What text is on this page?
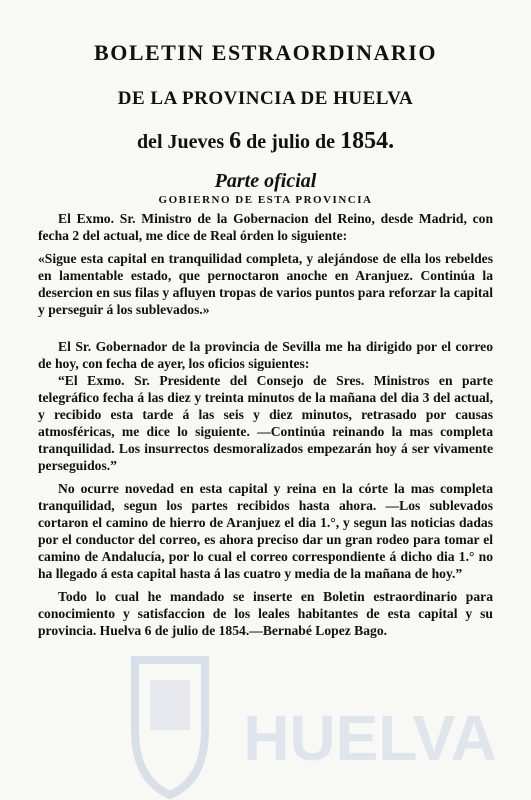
HUELVA
BOLETIN ESTRAORDINARIO
DE LA PROVINCIA DE HUELVA
del Jueves 6 de julio de 1854.
Parte oficial
GOBIERNO DE ESTA PROVINCIA

El Exmo. Sr. Ministro de la Gobernacion del Reino, desde Madrid, con fecha 2 del actual, me dice de Real órden lo siguiente:

«Sigue esta capital en tranquilidad completa, y alejándose de ella los rebeldes en lamentable estado, que pernoctaron anoche en Aranjuez. Continúa la desercion en sus filas y afluyen tropas de varios puntos para reforzar la capital y perseguir á los sublevados.»

El Sr. Gobernador de la provincia de Sevilla me ha dirigido por el correo de hoy, con fecha de ayer, los oficios siguientes:

“El Exmo. Sr. Presidente del Consejo de Sres. Ministros en parte telegráfico fecha á las diez y treinta minutos de la mañana del dia 3 del actual, y recibido esta tarde á las seis y diez minutos, retrasado por causas atmosféricas, me dice lo siguiente. —Continúa reinando la mas completa tranquilidad. Los insurrectos desmoralizados empezarán hoy á ser vivamente perseguidos.”

No ocurre novedad en esta capital y reina en la córte la mas completa tranquilidad, segun los partes recibidos hasta ahora. —Los sublevados cortaron el camino de hierro de Aranjuez el dia 1.°, y segun las noticias dadas por el conductor del correo, es ahora preciso dar un gran rodeo para tomar el camino de Andalucía, por lo cual el correo correspondiente á dicho dia 1.° no ha llegado á esta capital hasta á las cuatro y media de la mañana de hoy.”

Todo lo cual he mandado se inserte en Boletin estraordinario para conocimiento y satisfaccion de los leales habitantes de esta capital y su provincia. Huelva 6 de julio de 1854.—Bernabé Lopez Bago.
